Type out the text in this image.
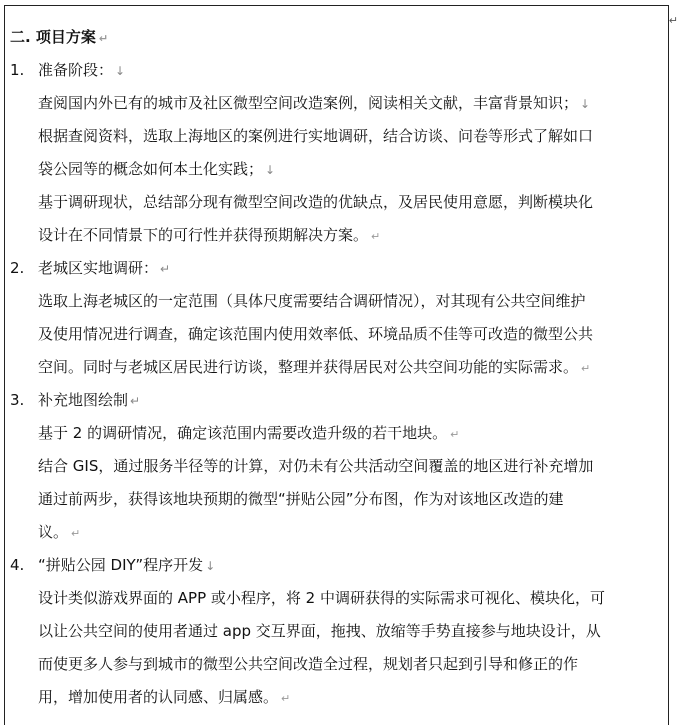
↵
二. 项目方案 ↵
1. 准备阶段： ↓
查阅国内外已有的城市及社区微型空间改造案例，阅读相关文献，丰富背景知识； ↓
根据查阅资料，选取上海地区的案例进行实地调研，结合访谈、问卷等形式了解如口
袋公园等的概念如何本土化实践； ↓
基于调研现状，总结部分现有微型空间改造的优缺点，及居民使用意愿，判断模块化
设计在不同情景下的可行性并获得预期解决方案。 ↵
2. 老城区实地调研： ↵
选取上海老城区的一定范围（具体尺度需要结合调研情况），对其现有公共空间维护
及使用情况进行调查，确定该范围内使用效率低、环境品质不佳等可改造的微型公共
空间。同时与老城区居民进行访谈，整理并获得居民对公共空间功能的实际需求。 ↵
3. 补充地图绘制 ↵
基于 2 的调研情况，确定该范围内需要改造升级的若干地块。 ↵
结合 GIS，通过服务半径等的计算，对仍未有公共活动空间覆盖的地区进行补充增加
通过前两步，获得该地块预期的微型“拼贴公园”分布图，作为对该地区改造的建
议。 ↵
4. “拼贴公园 DIY”程序开发 ↓
设计类似游戏界面的 APP 或小程序，将 2 中调研获得的实际需求可视化、模块化，可
以让公共空间的使用者通过 app 交互界面，拖拽、放缩等手势直接参与地块设计，从
而使更多人参与到城市的微型公共空间改造全过程，规划者只起到引导和修正的作
用，增加使用者的认同感、归属感。 ↵
